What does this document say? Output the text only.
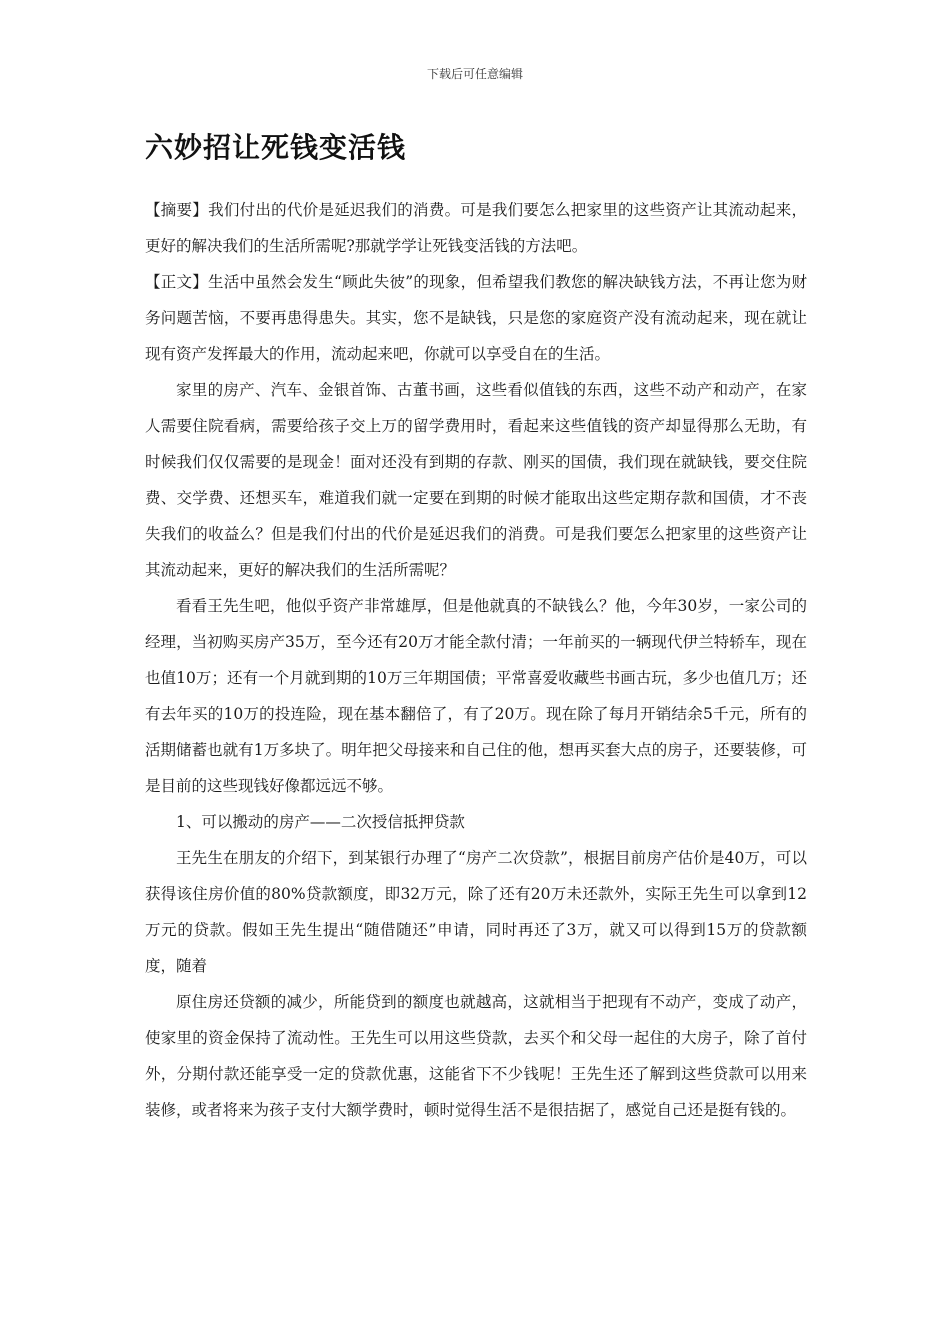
下载后可任意编辑
六妙招让死钱变活钱

【摘要】我们付出的代价是延迟我们的消费。可是我们要怎么把家里的这些资产让其流动起来，更好的解决我们的生活所需呢?那就学学让死钱变活钱的方法吧。

【正文】生活中虽然会发生“顾此失彼”的现象，但希望我们教您的解决缺钱方法，不再让您为财务问题苦恼，不要再患得患失。其实，您不是缺钱，只是您的家庭资产没有流动起来，现在就让现有资产发挥最大的作用，流动起来吧，你就可以享受自在的生活。

家里的房产、汽车、金银首饰、古董书画，这些看似值钱的东西，这些不动产和动产，在家人需要住院看病，需要给孩子交上万的留学费用时，看起来这些值钱的资产却显得那么无助，有时候我们仅仅需要的是现金！面对还没有到期的存款、刚买的国债，我们现在就缺钱，要交住院费、交学费、还想买车，难道我们就一定要在到期的时候才能取出这些定期存款和国债，才不丧失我们的收益么？但是我们付出的代价是延迟我们的消费。可是我们要怎么把家里的这些资产让其流动起来，更好的解决我们的生活所需呢？

看看王先生吧，他似乎资产非常雄厚，但是他就真的不缺钱么？他，今年30岁，一家公司的经理，当初购买房产35万，至今还有20万才能全款付清；一年前买的一辆现代伊兰特轿车，现在也值10万；还有一个月就到期的10万三年期国债；平常喜爱收藏些书画古玩，多少也值几万；还有去年买的10万的投连险，现在基本翻倍了，有了20万。现在除了每月开销结余5千元，所有的活期储蓄也就有1万多块了。明年把父母接来和自己住的他，想再买套大点的房子，还要装修，可是目前的这些现钱好像都远远不够。

1、可以搬动的房产——二次授信抵押贷款

王先生在朋友的介绍下，到某银行办理了“房产二次贷款”，根据目前房产估价是40万，可以获得该住房价值的80%贷款额度，即32万元，除了还有20万未还款外，实际王先生可以拿到12万元的贷款。假如王先生提出“随借随还”申请，同时再还了3万，就又可以得到15万的贷款额度，随着

原住房还贷额的减少，所能贷到的额度也就越高，这就相当于把现有不动产，变成了动产，使家里的资金保持了流动性。王先生可以用这些贷款，去买个和父母一起住的大房子，除了首付外，分期付款还能享受一定的贷款优惠，这能省下不少钱呢！王先生还了解到这些贷款可以用来装修，或者将来为孩子支付大额学费时，顿时觉得生活不是很拮据了，感觉自己还是挺有钱的。
